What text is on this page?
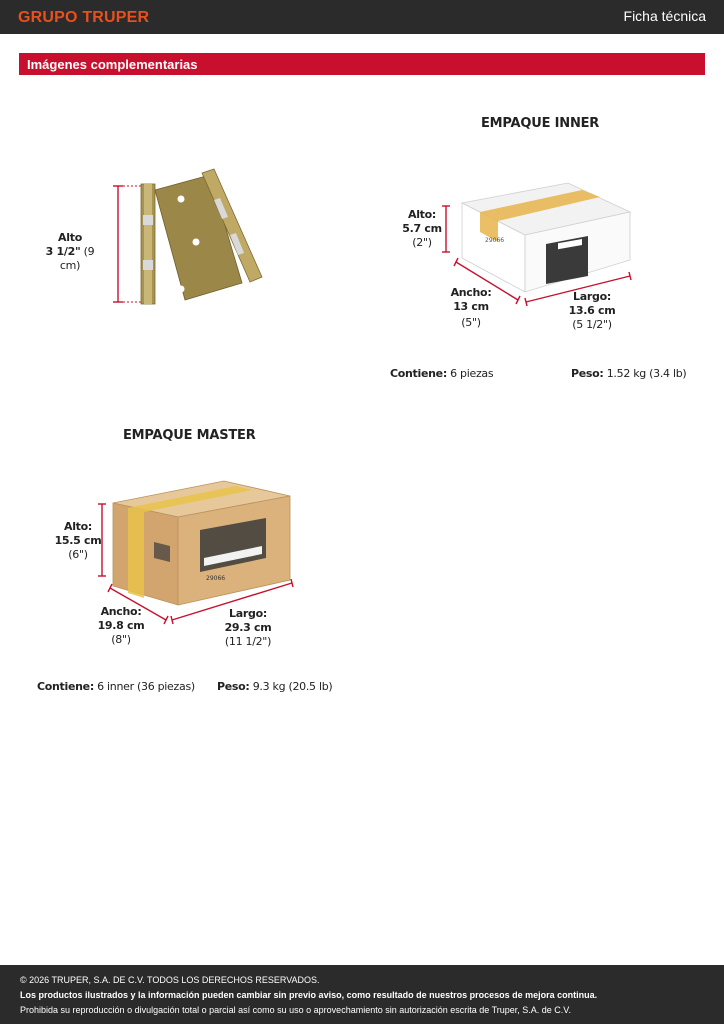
GRUPO TRUPER	Ficha técnica
Imágenes complementarias
Alto
3 1/2" (9 cm)
EMPAQUE INNER
29066
Alto:
5.7 cm
(2")
Ancho:
13 cm
(5")
Largo:
13.6 cm
(5 1/2")
Contiene: 6 piezas	Peso: 1.52 kg (3.4 lb)
EMPAQUE MASTER
29066
Alto:
15.5 cm
(6")
Ancho:
19.8 cm
(8")
Largo:
29.3 cm
(11 1/2")
Contiene: 6 inner (36 piezas) Peso: 9.3 kg (20.5 lb)
© 2026 TRUPER, S.A. DE C.V. TODOS LOS DERECHOS RESERVADOS.
Los productos ilustrados y la información pueden cambiar sin previo aviso, como resultado de nuestros procesos de mejora continua.
Prohibida su reproducción o divulgación total o parcial así como su uso o aprovechamiento sin autorización escrita de Truper, S.A. de C.V.
